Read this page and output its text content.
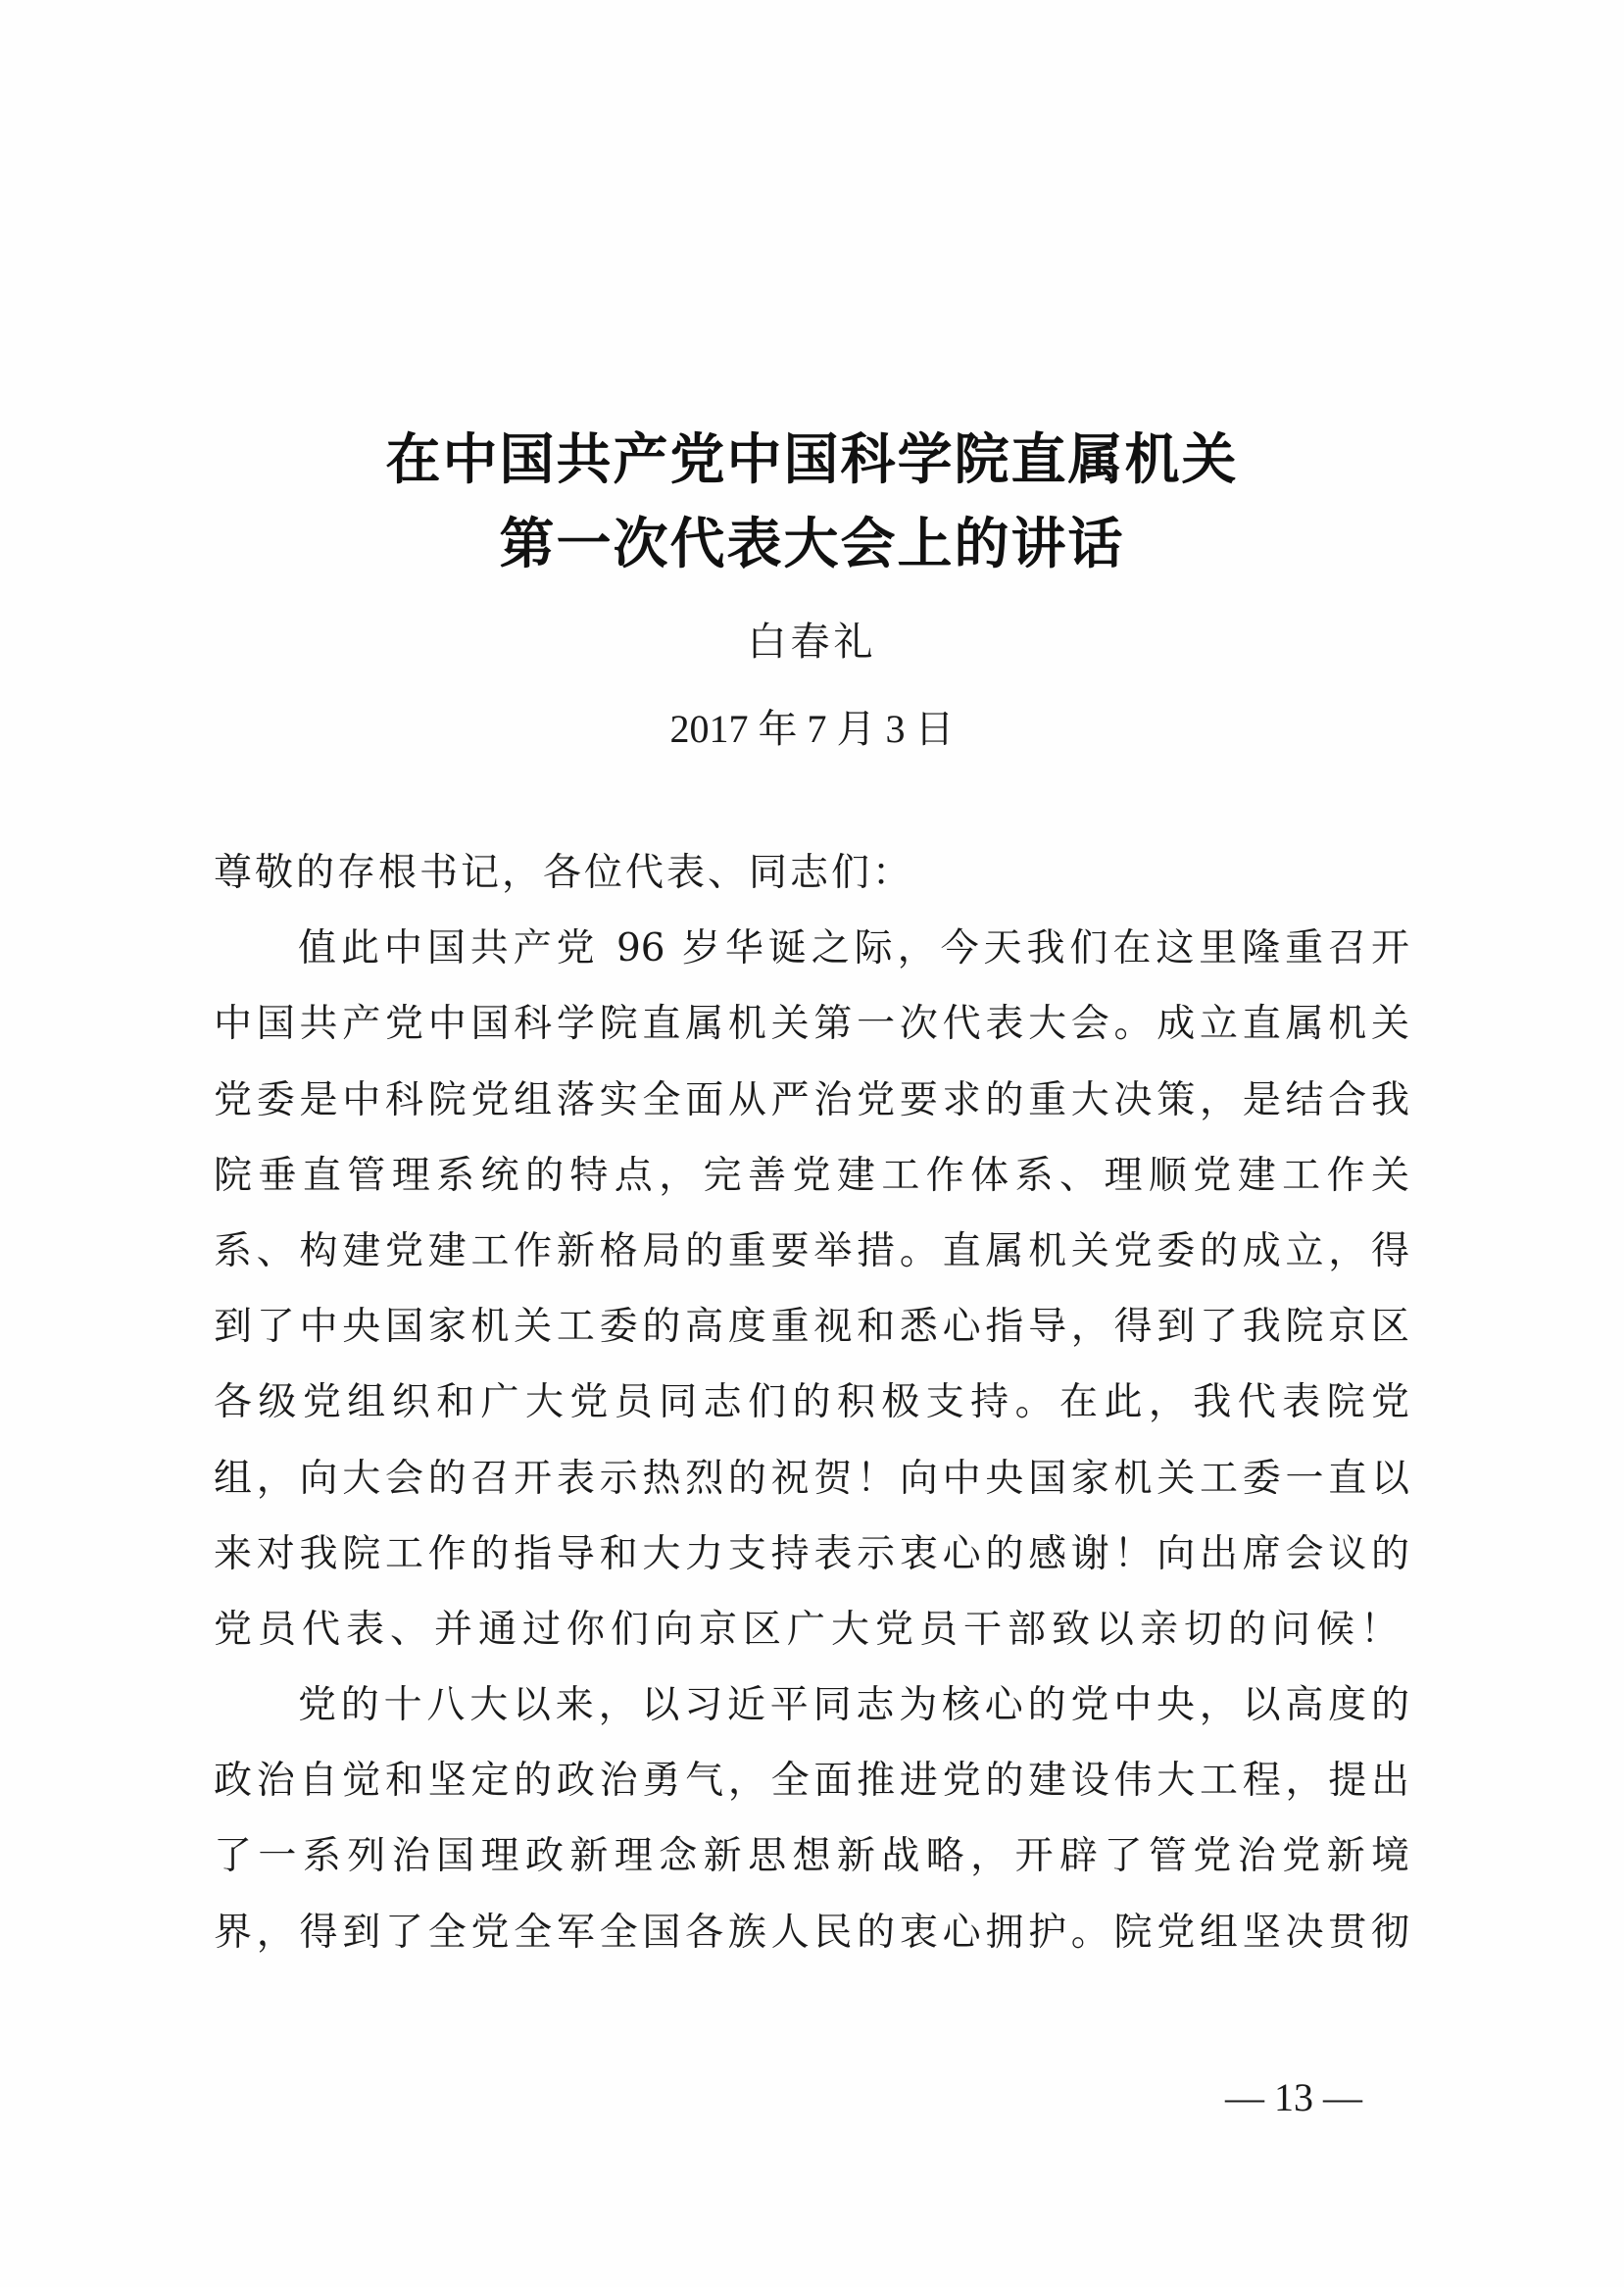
在中国共产党中国科学院直属机关
第一次代表大会上的讲话
白春礼
2017 年 7 月 3 日
尊敬的存根书记，各位代表、同志们：
值此中国共产党 96 岁华诞之际，今天我们在这里隆重召开
中国共产党中国科学院直属机关第一次代表大会。成立直属机关
党委是中科院党组落实全面从严治党要求的重大决策，是结合我
院垂直管理系统的特点，完善党建工作体系、理顺党建工作关
系、构建党建工作新格局的重要举措。直属机关党委的成立，得
到了中央国家机关工委的高度重视和悉心指导，得到了我院京区
各级党组织和广大党员同志们的积极支持。在此，我代表院党
组，向大会的召开表示热烈的祝贺！向中央国家机关工委一直以
来对我院工作的指导和大力支持表示衷心的感谢！向出席会议的
党员代表、并通过你们向京区广大党员干部致以亲切的问候！
党的十八大以来，以习近平同志为核心的党中央，以高度的
政治自觉和坚定的政治勇气，全面推进党的建设伟大工程，提出
了一系列治国理政新理念新思想新战略，开辟了管党治党新境
界，得到了全党全军全国各族人民的衷心拥护。院党组坚决贯彻
— 13 —
